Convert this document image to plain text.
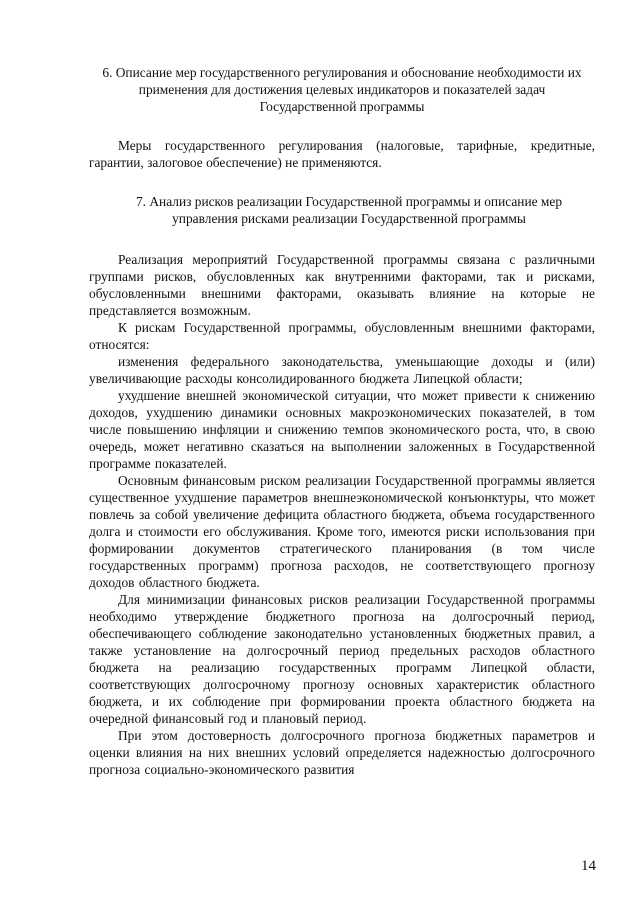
6. Описание мер государственного регулирования и обоснование необходимости их применения для достижения целевых индикаторов и показателей задач Государственной программы

Меры государственного регулирования (налоговые, тарифные, кредитные, гарантии, залоговое обеспечение) не применяются.

7. Анализ рисков реализации Государственной программы и описание мер управления рисками реализации Государственной программы

Реализация мероприятий Государственной программы связана с различными группами рисков, обусловленных как внутренними факторами, так и рисками, обусловленными внешними факторами, оказывать влияние на которые не представляется возможным.

К рискам Государственной программы, обусловленным внешними факторами, относятся:

изменения федерального законодательства, уменьшающие доходы и (или) увеличивающие расходы консолидированного бюджета Липецкой области;

ухудшение внешней экономической ситуации, что может привести к снижению доходов, ухудшению динамики основных макроэкономических показателей, в том числе повышению инфляции и снижению темпов экономического роста, что, в свою очередь, может негативно сказаться на выполнении заложенных в Государственной программе показателей.

Основным финансовым риском реализации Государственной программы является существенное ухудшение параметров внешнеэкономической конъюнктуры, что может повлечь за собой увеличение дефицита областного бюджета, объема государственного долга и стоимости его обслуживания. Кроме того, имеются риски использования при формировании документов стратегического планирования (в том числе государственных программ) прогноза расходов, не соответствующего прогнозу доходов областного бюджета.

Для минимизации финансовых рисков реализации Государственной программы необходимо утверждение бюджетного прогноза на долгосрочный период, обеспечивающего соблюдение законодательно установленных бюджетных правил, а также установление на долгосрочный период предельных расходов областного бюджета на реализацию государственных программ Липецкой области, соответствующих долгосрочному прогнозу основных характеристик областного бюджета, и их соблюдение при формировании проекта областного бюджета на очередной финансовый год и плановый период.

При этом достоверность долгосрочного прогноза бюджетных параметров и оценки влияния на них внешних условий определяется надежностью долгосрочного прогноза социально-экономического развития

14
